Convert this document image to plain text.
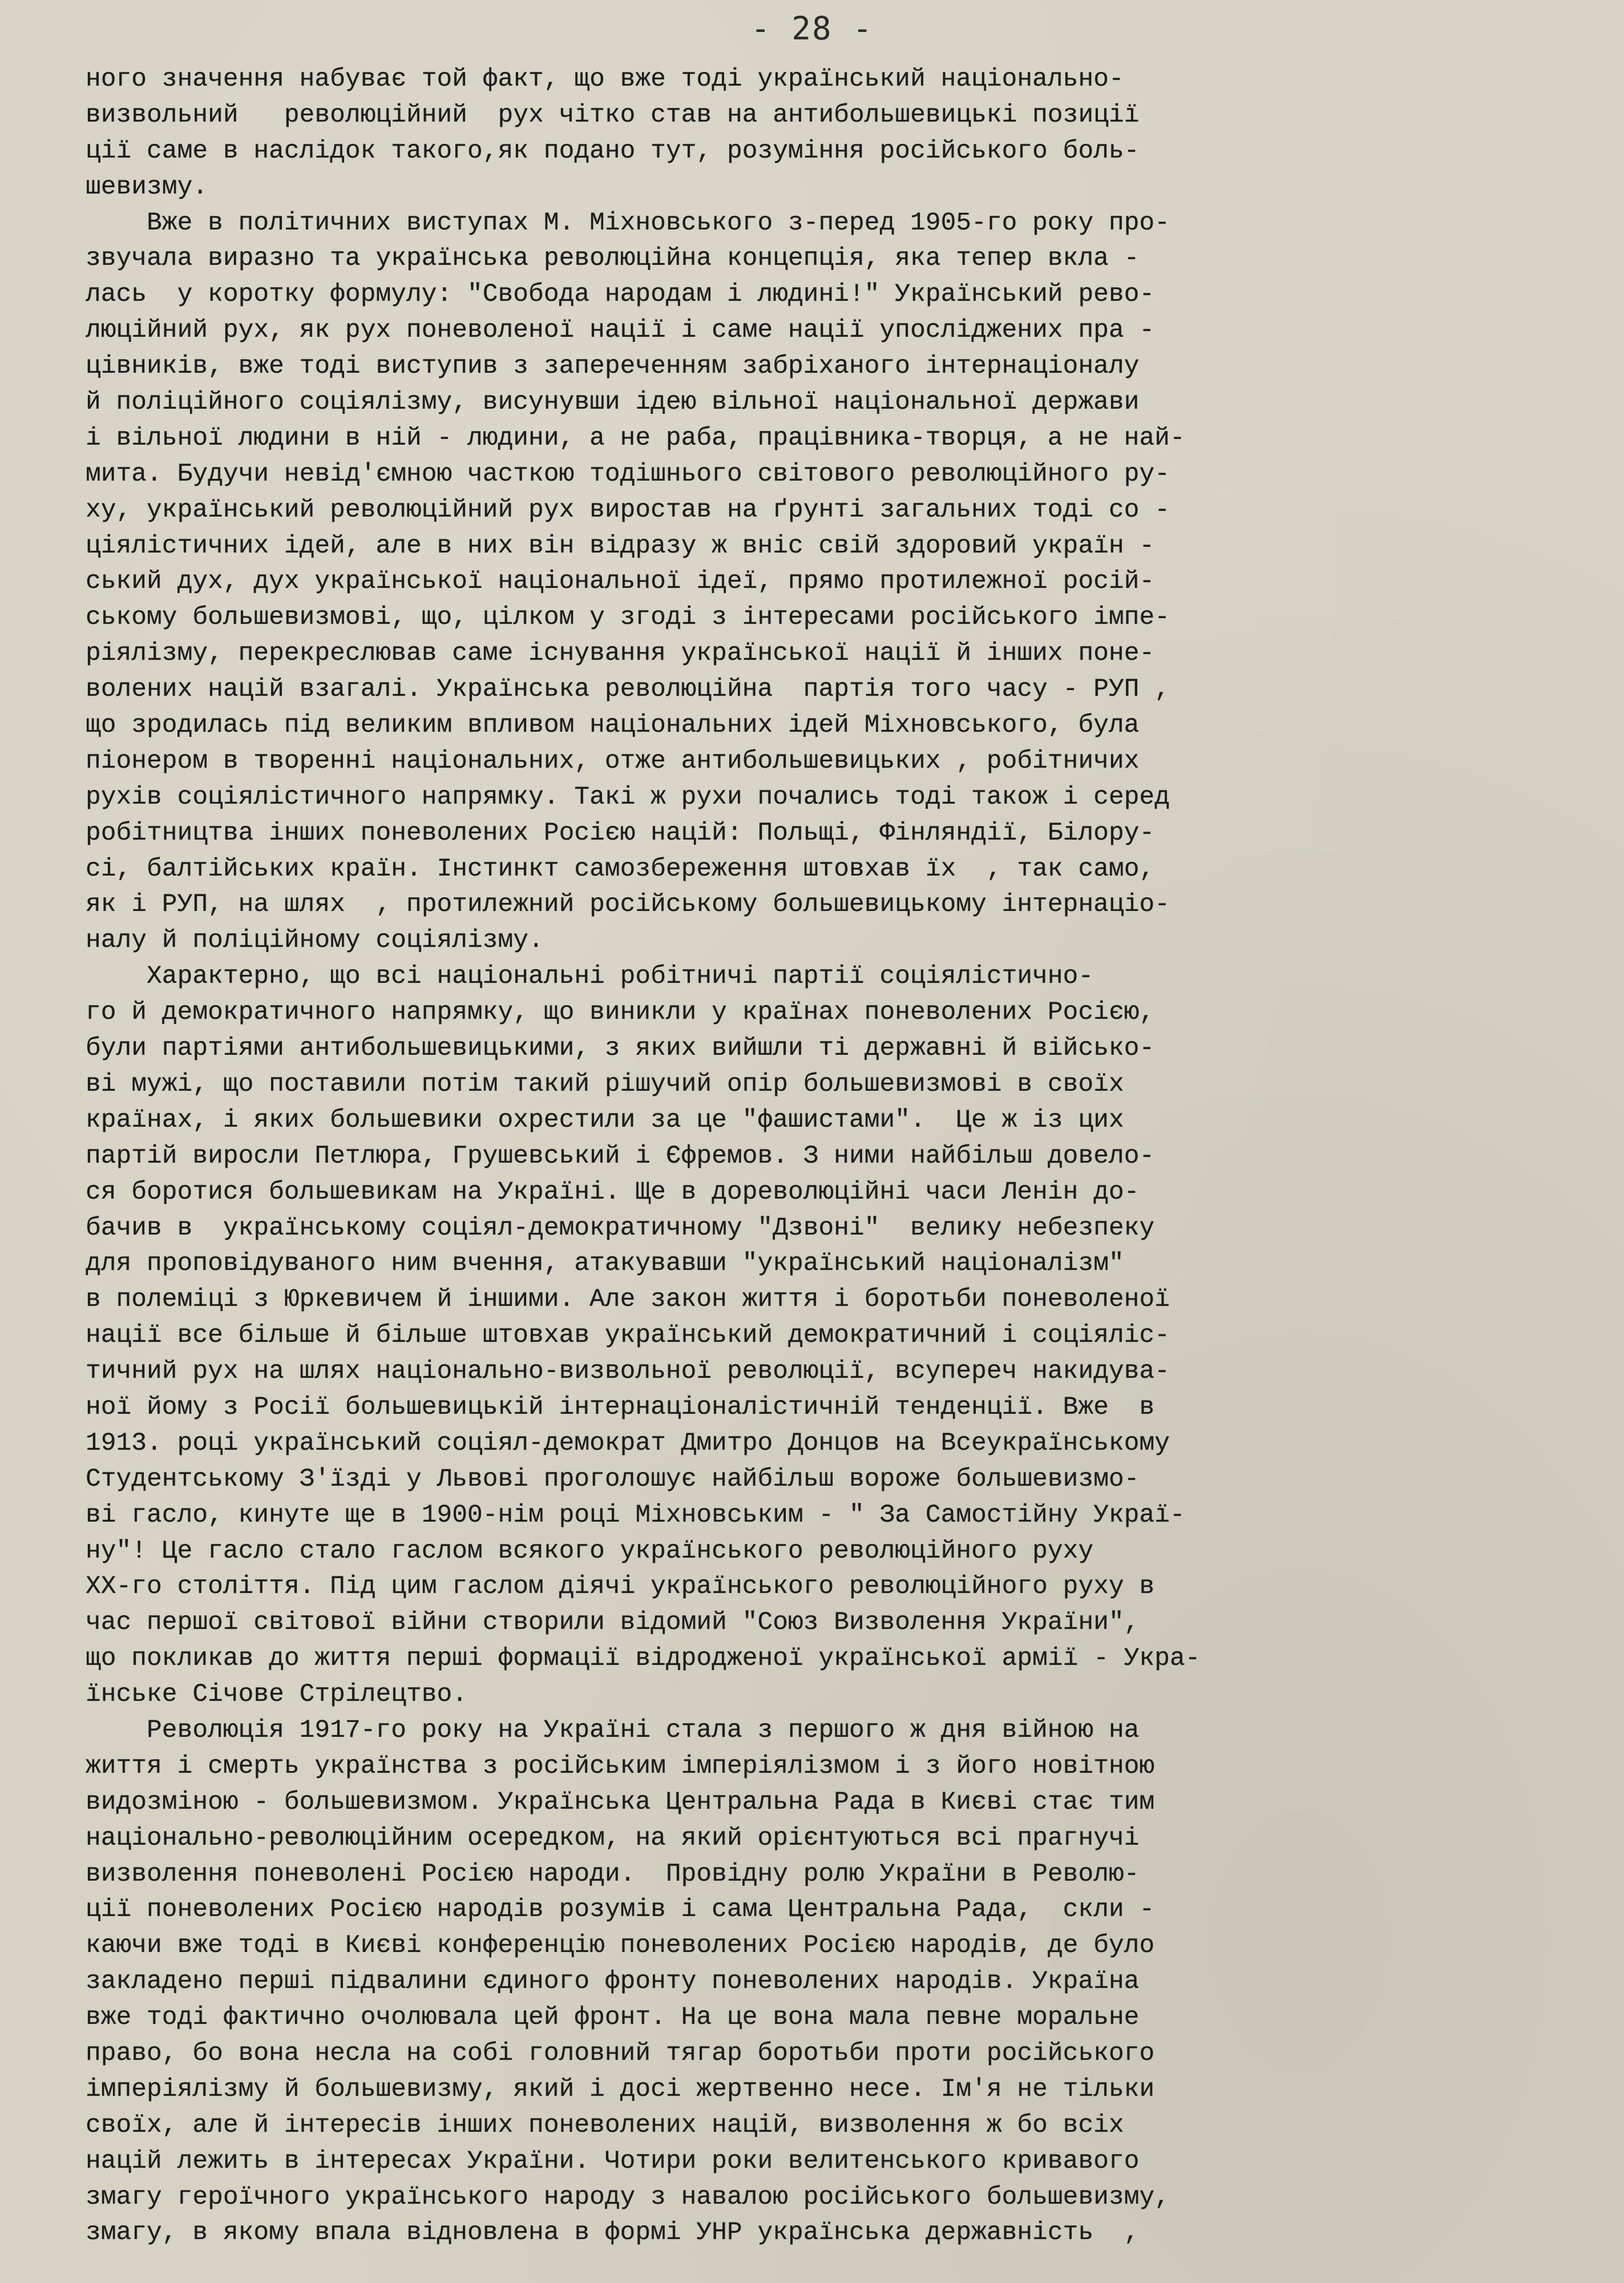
- 28 -
ного значення набуває той факт, що вже тоді український національно-
визвольний   революційний  рух чітко став на антибольшевицькі позиції
ції саме в наслідок такого,як подано тут, розуміння російського боль-
шевизму.
Вже в політичних виступах М. Міхновського з-перед 1905-го року про-
звучала виразно та українська революційна концепція, яка тепер вкла -
лась  у коротку формулу: "Свобода народам і людині!" Український рево-
люційний рух, як рух поневоленої нації і саме нації упосліджених пра -
цівників, вже тоді виступив з запереченням забріханого інтернаціоналу
й поліційного соціялізму, висунувши ідею вільної національної держави
і вільної людини в ній - людини, а не раба, працівника-творця, а не най-
мита. Будучи невід'ємною часткою тодішнього світового революційного ру-
ху, український революційний рух виростав на ґрунті загальних тоді со -
ціялістичних ідей, але в них він відразу ж вніс свій здоровий україн -
ський дух, дух української національної ідеї, прямо протилежної росій-
ському большевизмові, що, цілком у згоді з інтересами російського імпе-
ріялізму, перекреслював саме існування української нації й інших поне-
волених націй взагалі. Українська революційна  партія того часу - РУП ,
що зродилась під великим впливом національних ідей Міхновського, була
піонером в творенні національних, отже антибольшевицьких , робітничих
рухів соціялістичного напрямку. Такі ж рухи почались тоді також і серед
робітництва інших поневолених Росією націй: Польщі, Фінляндії, Білору-
сі, балтійських країн. Інстинкт самозбереження штовхав їх  , так само,
як і РУП, на шлях  , протилежний російському большевицькому інтернаціо-
налу й поліційному соціялізму.
Характерно, що всі національні робітничі партії соціялістично-
го й демократичного напрямку, що виникли у країнах поневолених Росією,
були партіями антибольшевицькими, з яких вийшли ті державні й військо-
ві мужі, що поставили потім такий рішучий опір большевизмові в своїх
країнах, і яких большевики охрестили за це "фашистами".  Це ж із цих
партій виросли Петлюра, Грушевський і Єфремов. З ними найбільш довело-
ся боротися большевикам на Україні. Ще в дореволюційні часи Ленін до-
бачив в  українському соціял-демократичному "Дзвоні"  велику небезпеку
для проповідуваного ним вчення, атакувавши "український націоналізм"
в полеміці з Юркевичем й іншими. Але закон життя і боротьби поневоленої
нації все більше й більше штовхав український демократичний і соціяліс-
тичний рух на шлях національно-визвольної революції, всупереч накидува-
ної йому з Росії большевицькій інтернаціоналістичній тенденції. Вже  в
1913. році український соціял-демократ Дмитро Донцов на Всеукраїнському
Студентському З'їзді у Львові проголошує найбільш вороже большевизмо-
ві гасло, кинуте ще в 1900-нім році Міхновським - " За Самостійну Украї-
ну"! Це гасло стало гаслом всякого українського революційного руху
XX-го століття. Під цим гаслом діячі українського революційного руху в
час першої світової війни створили відомий "Союз Визволення України",
що покликав до життя перші формації відродженої української армії - Укра-
їнське Січове Стрілецтво.
Революція 1917-го року на Україні стала з першого ж дня війною на
життя і смерть українства з російським імперіялізмом і з його новітною
видозміною - большевизмом. Українська Центральна Рада в Києві стає тим
національно-революційним осередком, на який орієнтуються всі прагнучі
визволення поневолені Росією народи.  Провідну ролю України в Револю-
ції поневолених Росією народів розумів і сама Центральна Рада,  скли -
каючи вже тоді в Києві конференцію поневолених Росією народів, де було
закладено перші підвалини єдиного фронту поневолених народів. Україна
вже тоді фактично очолювала цей фронт. На це вона мала певне моральне
право, бо вона несла на собі головний тягар боротьби проти російського
імперіялізму й большевизму, який і досі жертвенно несе. Ім'я не тільки
своїх, але й інтересів інших поневолених націй, визволення ж бо всіх
націй лежить в інтересах України. Чотири роки велитенського кривавого
змагу героїчного українського народу з навалою російського большевизму,
змагу, в якому впала відновлена в формі УНР українська державність  ,
